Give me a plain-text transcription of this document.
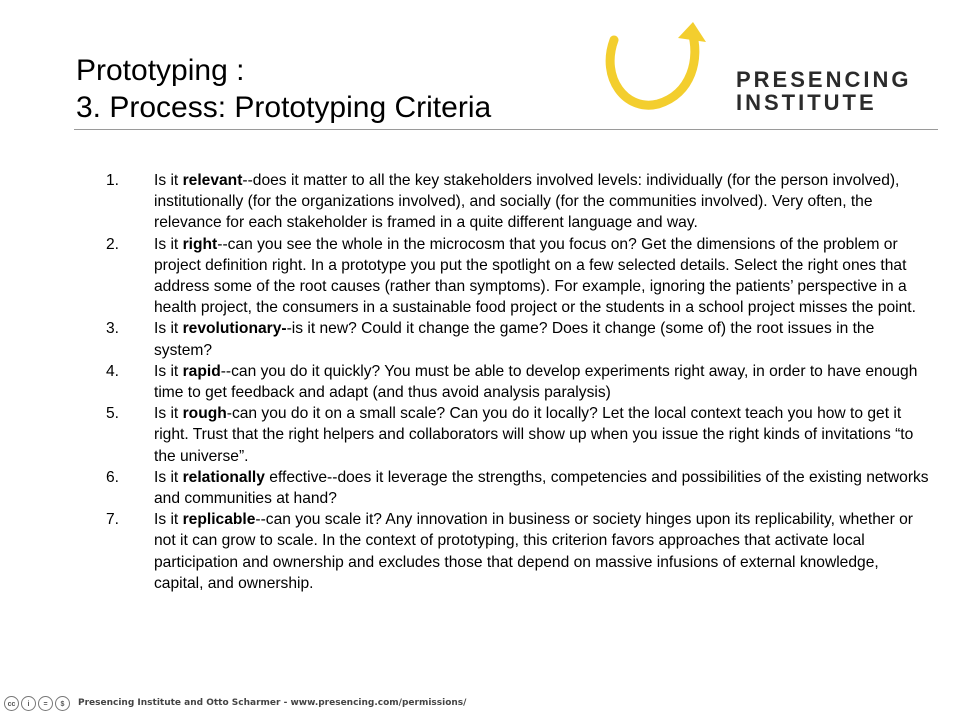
Prototyping :
3. Process: Prototyping Criteria
PRESENCING
INSTITUTE
1. Is it relevant--does it matter to all the key stakeholders involved levels: individually (for the person involved), institutionally (for the organizations involved), and socially (for the communities involved). Very often, the relevance for each stakeholder is framed in a quite different language and way.
2. Is it right--can you see the whole in the microcosm that you focus on? Get the dimensions of the problem or project definition right. In a prototype you put the spotlight on a few selected details. Select the right ones that address some of the root causes (rather than symptoms). For example, ignoring the patients’ perspective in a health project, the consumers in a sustainable food project or the students in a school project misses the point.
3. Is it revolutionary--is it new? Could it change the game? Does it change (some of) the root issues in the system?
4. Is it rapid--can you do it quickly? You must be able to develop experiments right away, in order to have enough time to get feedback and adapt (and thus avoid analysis paralysis)
5. Is it rough-can you do it on a small scale? Can you do it locally? Let the local context teach you how to get it right. Trust that the right helpers and collaborators will show up when you issue the right kinds of invitations “to the universe”.
6. Is it relationally effective--does it leverage the strengths, competencies and possibilities of the existing networks and communities at hand?
7. Is it replicable--can you scale it? Any innovation in business or society hinges upon its replicability, whether or not it can grow to scale. In the context of prototyping, this criterion favors approaches that activate local participation and ownership and excludes those that depend on massive infusions of external knowledge, capital, and ownership.
cc	i	=	$	Presencing Institute and Otto Scharmer - www.presencing.com/permissions/
